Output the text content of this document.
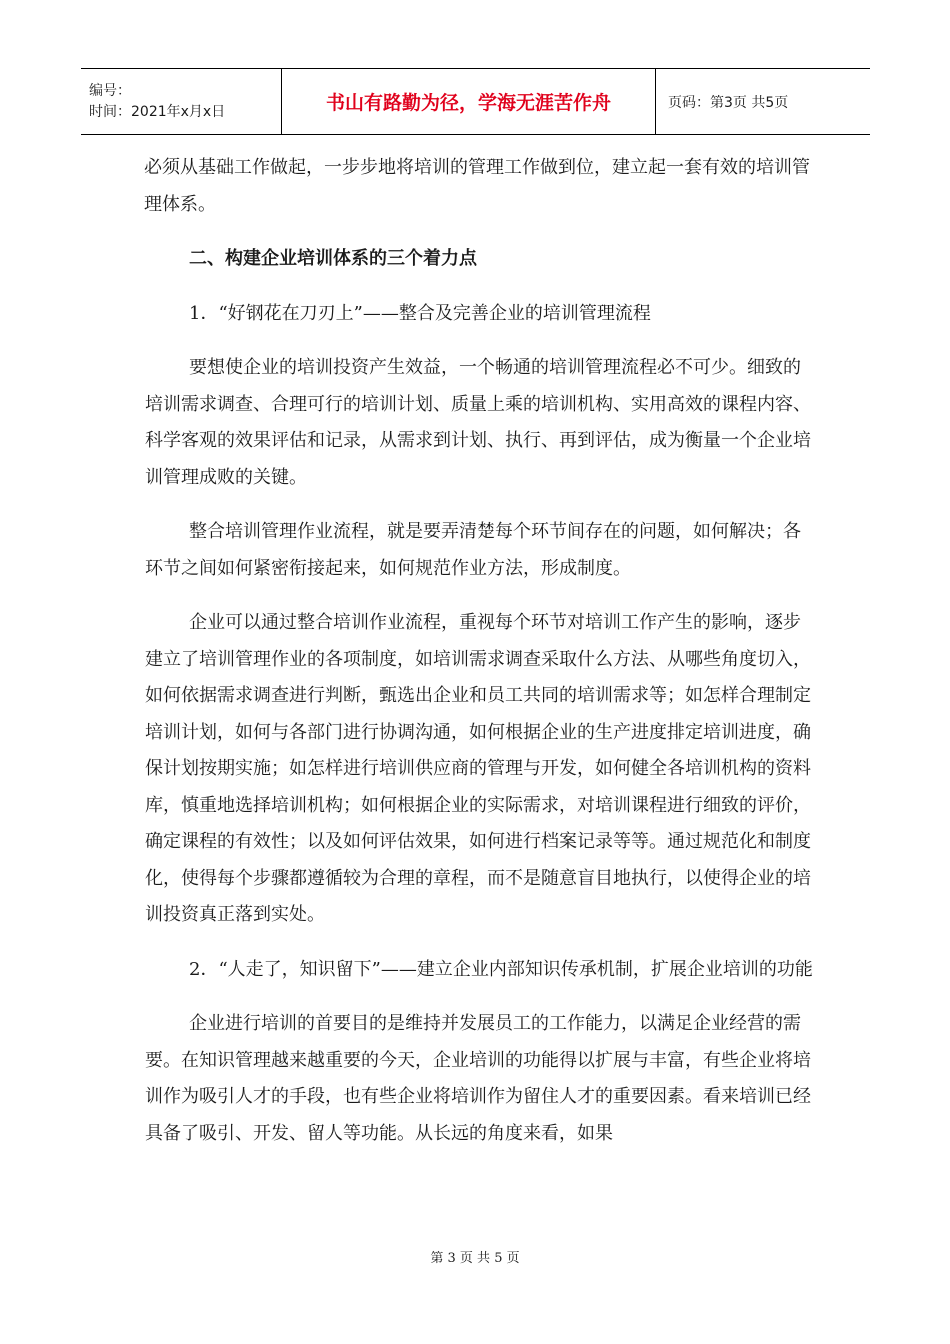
编号：
时间：2021年x月x日	书山有路勤为径，学海无涯苦作舟	页码：第3页 共5页

必须从基础工作做起，一步步地将培训的管理工作做到位，建立起一套有效的培训管理体系。

二、构建企业培训体系的三个着力点

1．“好钢花在刀刃上”——整合及完善企业的培训管理流程

要想使企业的培训投资产生效益，一个畅通的培训管理流程必不可少。细致的培训需求调查、合理可行的培训计划、质量上乘的培训机构、实用高效的课程内容、科学客观的效果评估和记录，从需求到计划、执行、再到评估，成为衡量一个企业培训管理成败的关键。

整合培训管理作业流程，就是要弄清楚每个环节间存在的问题，如何解决；各环节之间如何紧密衔接起来，如何规范作业方法，形成制度。

企业可以通过整合培训作业流程，重视每个环节对培训工作产生的影响，逐步建立了培训管理作业的各项制度，如培训需求调查采取什么方法、从哪些角度切入，如何依据需求调查进行判断，甄选出企业和员工共同的培训需求等；如怎样合理制定培训计划，如何与各部门进行协调沟通，如何根据企业的生产进度排定培训进度，确保计划按期实施；如怎样进行培训供应商的管理与开发，如何健全各培训机构的资料库，慎重地选择培训机构；如何根据企业的实际需求，对培训课程进行细致的评价，确定课程的有效性；以及如何评估效果，如何进行档案记录等等。通过规范化和制度化，使得每个步骤都遵循较为合理的章程，而不是随意盲目地执行，以使得企业的培训投资真正落到实处。

2．“人走了，知识留下”——建立企业内部知识传承机制，扩展企业培训的功能

企业进行培训的首要目的是维持并发展员工的工作能力，以满足企业经营的需要。在知识管理越来越重要的今天，企业培训的功能得以扩展与丰富，有些企业将培训作为吸引人才的手段，也有些企业将培训作为留住人才的重要因素。看来培训已经具备了吸引、开发、留人等功能。从长远的角度来看，如果

第 3 页 共 5 页
